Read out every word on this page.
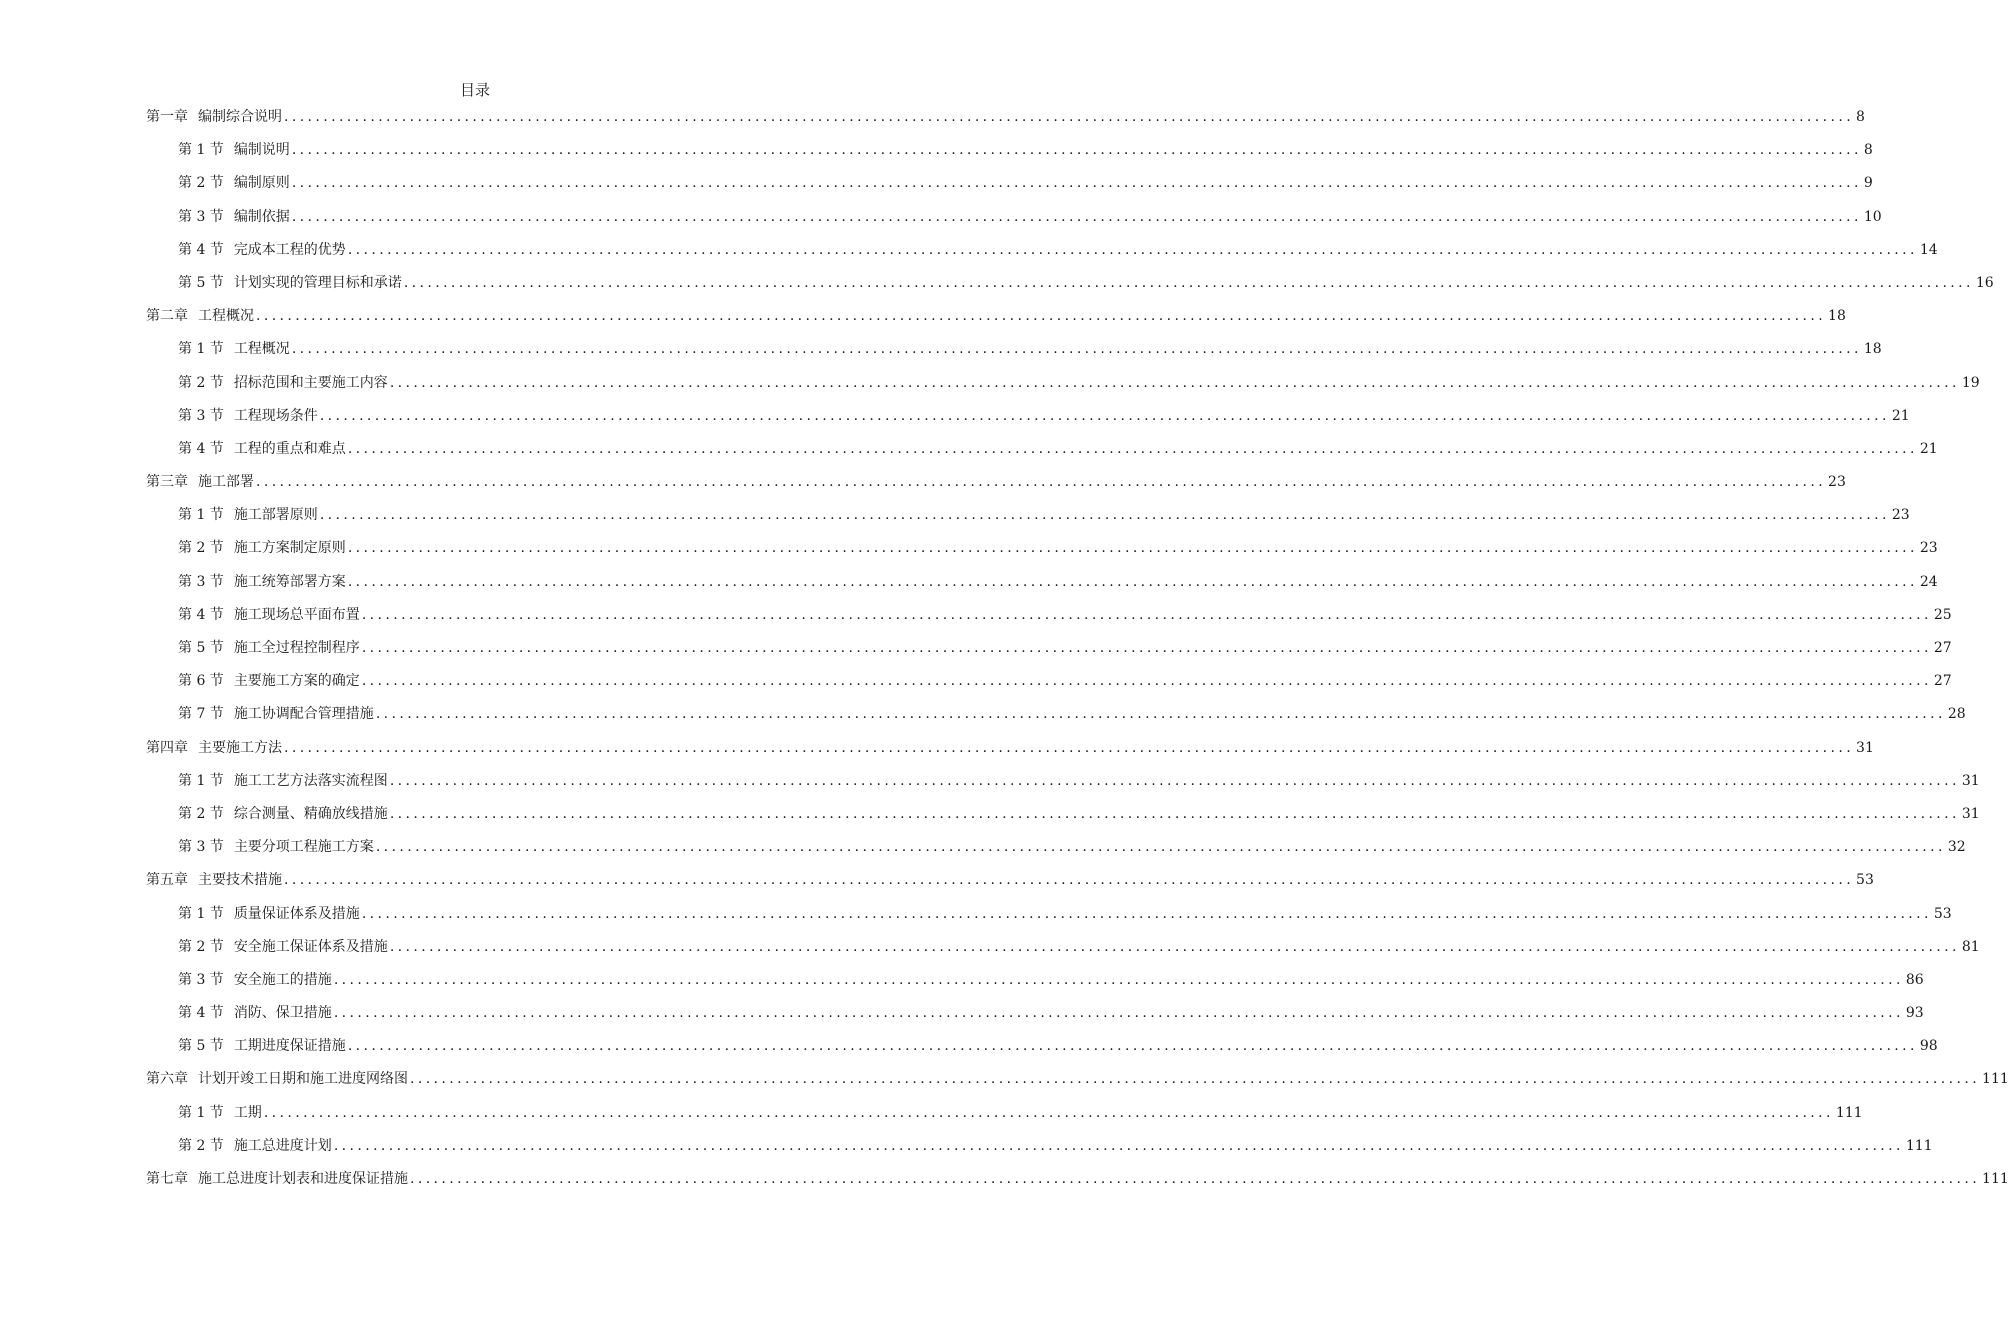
目录
第一章 编制综合说明 ........................................................................................................................................................................................................ 8
第 1 节 编制说明 ........................................................................................................................................................................................................ 8
第 2 节 编制原则 ........................................................................................................................................................................................................ 9
第 3 节 编制依据 ........................................................................................................................................................................................................ 10
第 4 节 完成本工程的优势 ........................................................................................................................................................................................................ 14
第 5 节 计划实现的管理目标和承诺 ........................................................................................................................................................................................................ 16
第二章 工程概况 ........................................................................................................................................................................................................ 18
第 1 节 工程概况 ........................................................................................................................................................................................................ 18
第 2 节 招标范围和主要施工内容 ........................................................................................................................................................................................................ 19
第 3 节 工程现场条件 ........................................................................................................................................................................................................ 21
第 4 节 工程的重点和难点 ........................................................................................................................................................................................................ 21
第三章 施工部署 ........................................................................................................................................................................................................ 23
第 1 节 施工部署原则 ........................................................................................................................................................................................................ 23
第 2 节 施工方案制定原则 ........................................................................................................................................................................................................ 23
第 3 节 施工统筹部署方案 ........................................................................................................................................................................................................ 24
第 4 节 施工现场总平面布置 ........................................................................................................................................................................................................ 25
第 5 节 施工全过程控制程序 ........................................................................................................................................................................................................ 27
第 6 节 主要施工方案的确定 ........................................................................................................................................................................................................ 27
第 7 节 施工协调配合管理措施 ........................................................................................................................................................................................................ 28
第四章 主要施工方法 ........................................................................................................................................................................................................ 31
第 1 节 施工工艺方法落实流程图 ........................................................................................................................................................................................................ 31
第 2 节 综合测量、精确放线措施 ........................................................................................................................................................................................................ 31
第 3 节 主要分项工程施工方案 ........................................................................................................................................................................................................ 32
第五章 主要技术措施 ........................................................................................................................................................................................................ 53
第 1 节 质量保证体系及措施 ........................................................................................................................................................................................................ 53
第 2 节 安全施工保证体系及措施 ........................................................................................................................................................................................................ 81
第 3 节 安全施工的措施 ........................................................................................................................................................................................................ 86
第 4 节 消防、保卫措施 ........................................................................................................................................................................................................ 93
第 5 节 工期进度保证措施 ........................................................................................................................................................................................................ 98
第六章 计划开竣工日期和施工进度网络图 ........................................................................................................................................................................................................ 111
第 1 节 工期 ........................................................................................................................................................................................................ 111
第 2 节 施工总进度计划 ........................................................................................................................................................................................................ 111
第七章 施工总进度计划表和进度保证措施 ........................................................................................................................................................................................................ 111
